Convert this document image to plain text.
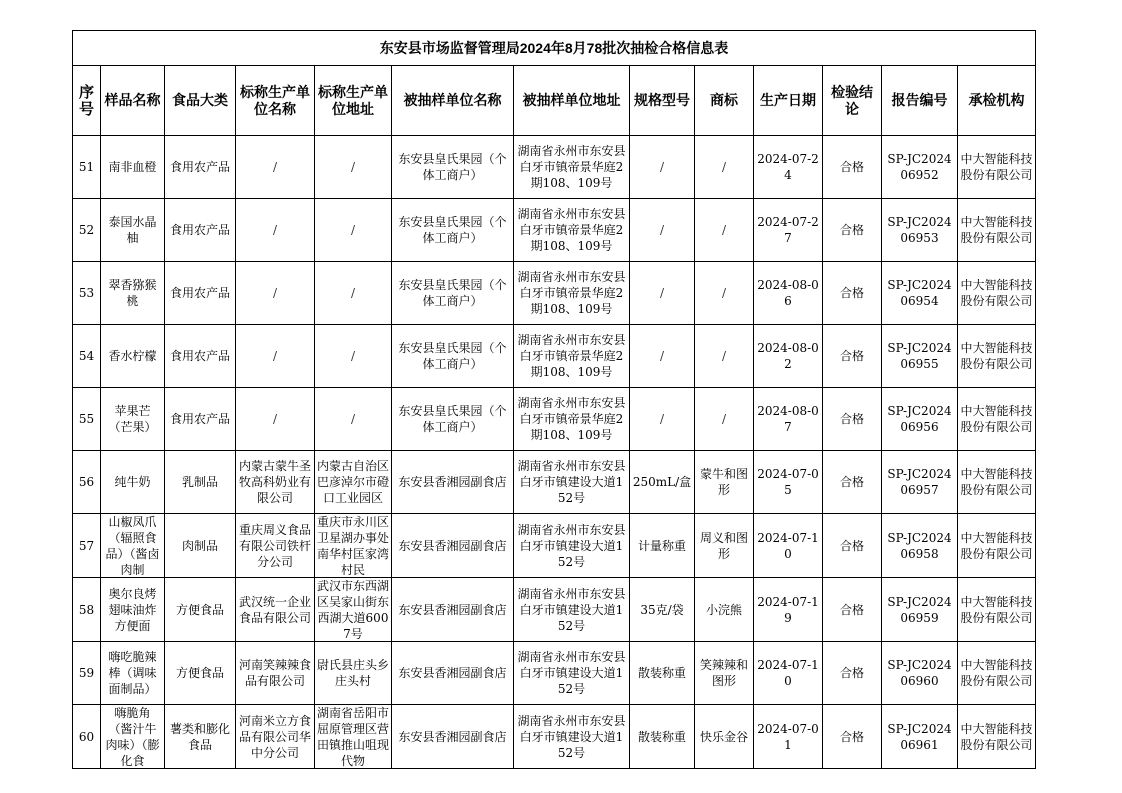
东安县市场监督管理局2024年8月78批次抽检合格信息表												
序号	样品名称	食品大类	标称生产单位名称	标称生产单位地址	被抽样单位名称	被抽样单位地址	规格型号	商标	生产日期	检验结论	报告编号	承检机构

51	南非血橙	食用农产品	/	/	东安县皇氏果园（个体工商户）	湖南省永州市东安县白牙市镇帝景华庭2期108、109号	/	/	2024-07-24	合格	SP-JC202406952	中大智能科技股份有限公司

52	泰国水晶柚	食用农产品	/	/	东安县皇氏果园（个体工商户）	湖南省永州市东安县白牙市镇帝景华庭2期108、109号	/	/	2024-07-27	合格	SP-JC202406953	中大智能科技股份有限公司

53	翠香猕猴桃	食用农产品	/	/	东安县皇氏果园（个体工商户）	湖南省永州市东安县白牙市镇帝景华庭2期108、109号	/	/	2024-08-06	合格	SP-JC202406954	中大智能科技股份有限公司

54	香水柠檬	食用农产品	/	/	东安县皇氏果园（个体工商户）	湖南省永州市东安县白牙市镇帝景华庭2期108、109号	/	/	2024-08-02	合格	SP-JC202406955	中大智能科技股份有限公司

55	苹果芒（芒果）	食用农产品	/	/	东安县皇氏果园（个体工商户）	湖南省永州市东安县白牙市镇帝景华庭2期108、109号	/	/	2024-08-07	合格	SP-JC202406956	中大智能科技股份有限公司

56	纯牛奶	乳制品	内蒙古蒙牛圣牧高科奶业有限公司	内蒙古自治区巴彦淖尔市磴口工业园区	东安县香湘园副食店	湖南省永州市东安县白牙市镇建设大道152号	250mL/盒	蒙牛和图形	2024-07-05	合格	SP-JC202406957	中大智能科技股份有限公司

57	山椒凤爪（辐照食品）（酱卤肉制	肉制品	重庆周义食品有限公司铁杆分公司	重庆市永川区卫星湖办事处南华村匡家湾村民	东安县香湘园副食店	湖南省永州市东安县白牙市镇建设大道152号	计量称重	周义和图形	2024-07-10	合格	SP-JC202406958	中大智能科技股份有限公司

58	奥尔良烤翅味油炸方便面	方便食品	武汉统一企业食品有限公司	武汉市东西湖区吴家山街东西湖大道6007号	东安县香湘园副食店	湖南省永州市东安县白牙市镇建设大道152号	35克/袋	小浣熊	2024-07-19	合格	SP-JC202406959	中大智能科技股份有限公司

59	嗨吃脆辣棒（调味面制品）	方便食品	河南笑辣辣食品有限公司	尉氏县庄头乡庄头村	东安县香湘园副食店	湖南省永州市东安县白牙市镇建设大道152号	散装称重	笑辣辣和图形	2024-07-10	合格	SP-JC202406960	中大智能科技股份有限公司

60	嗨脆角（酱汁牛肉味）（膨化食	薯类和膨化食品	河南米立方食品有限公司华中分公司	湖南省岳阳市屈原管理区营田镇推山咀现代物	东安县香湘园副食店	湖南省永州市东安县白牙市镇建设大道152号	散装称重	快乐金谷	2024-07-01	合格	SP-JC202406961	中大智能科技股份有限公司
